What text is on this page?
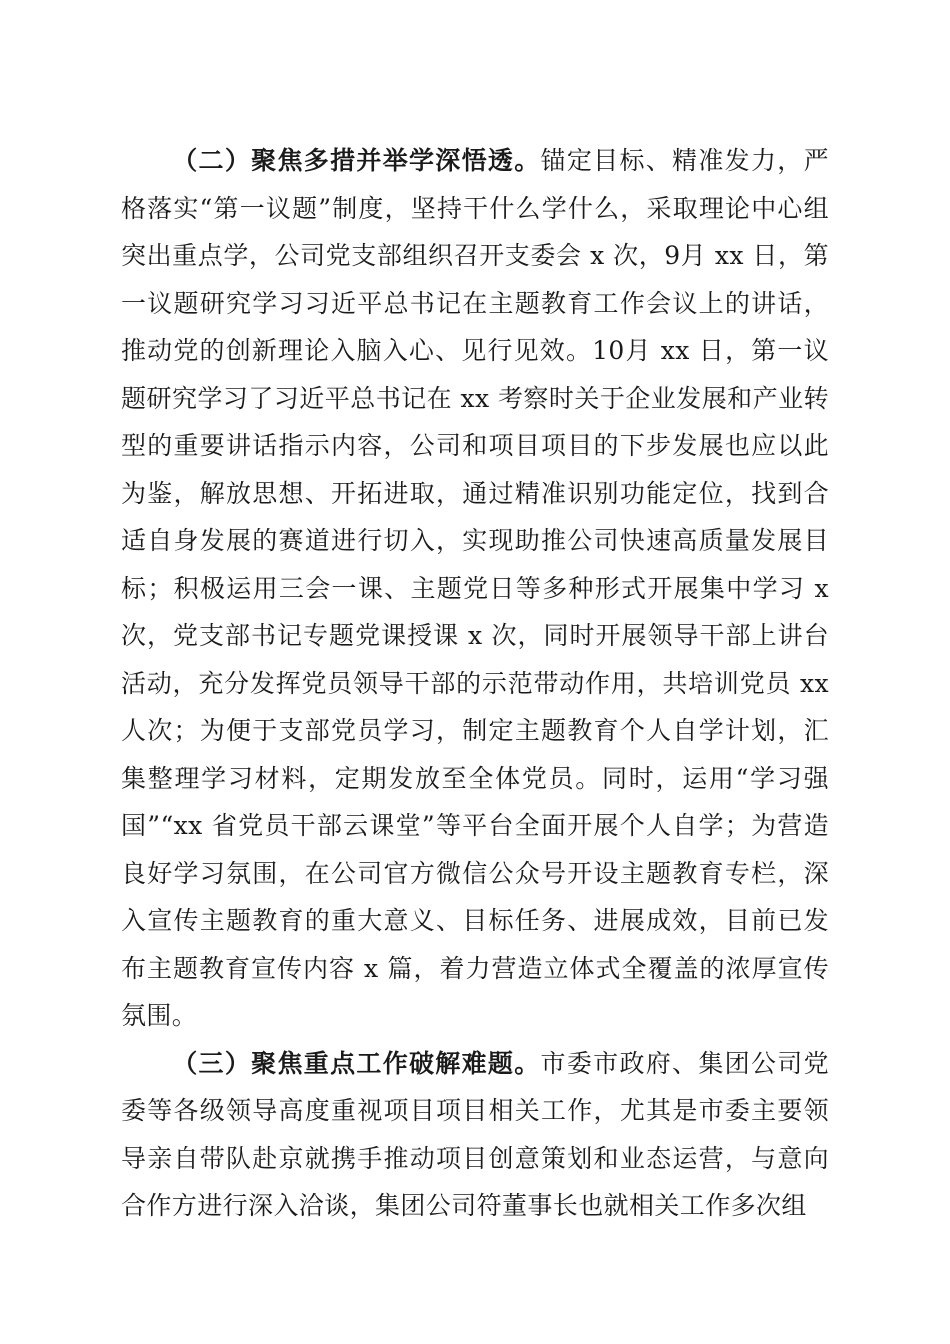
（二）聚焦多措并举学深悟透。锚定目标、精准发力，严格落实“第一议题”制度，坚持干什么学什么，采取理论中心组突出重点学，公司党支部组织召开支委会 x 次，9月 xx 日，第一议题研究学习习近平总书记在主题教育工作会议上的讲话，推动党的创新理论入脑入心、见行见效。10月 xx 日，第一议题研究学习了习近平总书记在 xx 考察时关于企业发展和产业转型的重要讲话指示内容，公司和项目项目的下步发展也应以此为鉴，解放思想、开拓进取，通过精准识别功能定位，找到合适自身发展的赛道进行切入，实现助推公司快速高质量发展目标；积极运用三会一课、主题党日等多种形式开展集中学习 x 次，党支部书记专题党课授课 x 次，同时开展领导干部上讲台活动，充分发挥党员领导干部的示范带动作用，共培训党员 xx 人次；为便于支部党员学习，制定主题教育个人自学计划，汇集整理学习材料，定期发放至全体党员。同时，运用“学习强国”“xx 省党员干部云课堂”等平台全面开展个人自学；为营造良好学习氛围，在公司官方微信公众号开设主题教育专栏，深入宣传主题教育的重大意义、目标任务、进展成效，目前已发布主题教育宣传内容 x 篇，着力营造立体式全覆盖的浓厚宣传氛围。

（三）聚焦重点工作破解难题。市委市政府、集团公司党委等各级领导高度重视项目项目相关工作，尤其是市委主要领导亲自带队赴京就携手推动项目创意策划和业态运营，与意向合作方进行深入洽谈，集团公司符董事长也就相关工作多次组
